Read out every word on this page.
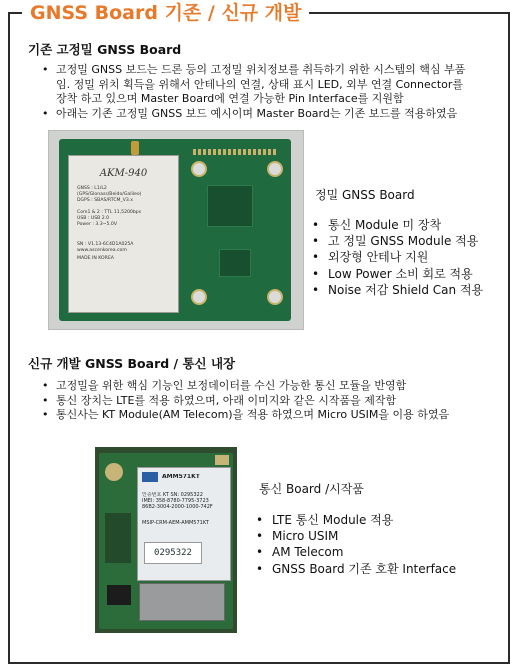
GNSS Board 기존 / 신규 개발
기존 고정밀 GNSS Board
• 고정밀 GNSS 보드는 드론 등의 고정밀 위치정보를 취득하기 위한 시스템의 핵심 부품임. 정밀 위치 획득을 위해서 안테나의 연결, 상태 표시 LED, 외부 연결 Connector를 장착 하고 있으며 Master Board에 연결 가능한 Pin Interface를 지원함
• 아래는 기존 고정밀 GNSS 보드 예시이며 Master Board는 기존 보드를 적용하였음
AKM-940
GNSS : L1/L2
(GPS/Glonass/Beido/Galileo)
DGPS : SBAS/RTCM_V3.x
Com1 & 2 : TTL 11,5200bps
USB : USB 2.0
Power : 3.3~5.0V
SN : V1.13-6C4D1A025A
www.ascenkorea.com
MADE IN KOREA
정밀 GNSS Board
• 통신 Module 미 장착
• 고 정밀 GNSS Module 적용
• 외장형 안테나 지원
• Low Power 소비 회로 적용
• Noise 저감 Shield Can 적용
신규 개발 GNSS Board / 통신 내장
• 고정밀을 위한 핵심 기능인 보정데이터를 수신 가능한 통신 모듈을 반영함
• 통신 장치는 LTE를 적용 하였으며, 아래 이미지와 같은 시작품을 제작함
• 통신사는 KT Module(AM Telecom)을 적용 하였으며 Micro USIM을 이용 하였음
AMM571KT
인증번호 KT SN: 0295322
IMEI: 358-8780-7795-3723
86B2-3004-2000-1000-742F
MSIP-CRM-AEM-AMM571KT
0295322
통신 Board /시작품
• LTE 통신 Module 적용
• Micro USIM
• AM Telecom
• GNSS Board 기존 호환 Interface
